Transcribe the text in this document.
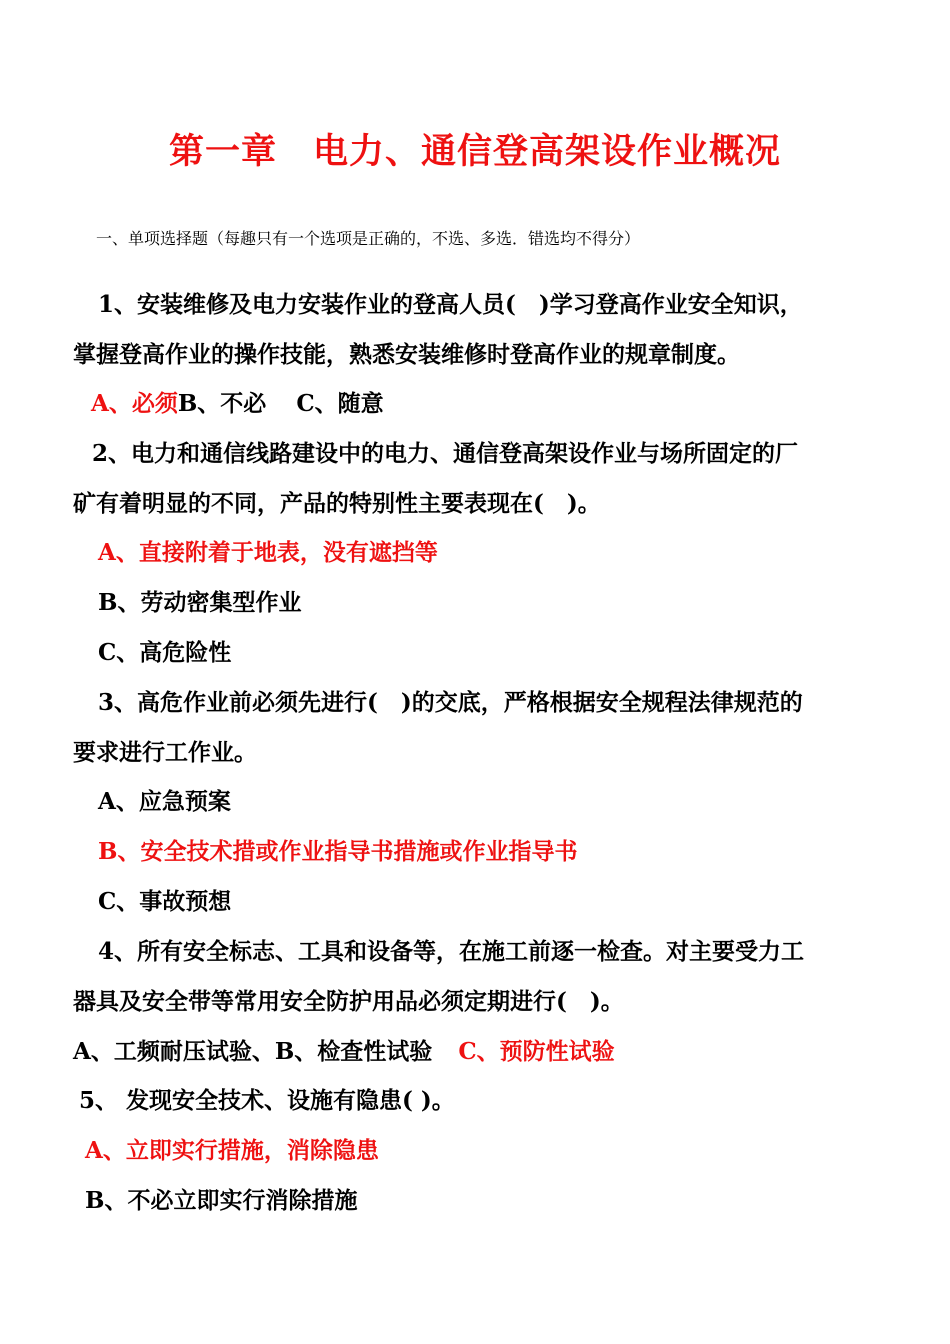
第一章　电力、通信登高架设作业概况
一、单项选择题（每趣只有一个选项是正确的，不选、多选．错选均不得分）
1、安装维修及电力安装作业的登高人员(　)学习登高作业安全知识，
掌握登高作业的操作技能，熟悉安装维修时登高作业的规章制度。
A、必须B、不必 C、随意
2、电力和通信线路建设中的电力、通信登高架设作业与场所固定的厂
矿有着明显的不同，产品的特别性主要表现在(　)。
A、直接附着于地表，没有遮挡等
B、劳动密集型作业
C、高危险性
3、高危作业前必须先进行(　)的交底，严格根据安全规程法律规范的
要求进行工作业。
A、应急预案
B、安全技术措或作业指导书措施或作业指导书
C、事故预想
4、所有安全标志、工具和设备等，在施工前逐一检查。对主要受力工
器具及安全带等常用安全防护用品必须定期进行(　)。
A、工频耐压试验、B、检查性试验 C、预防性试验
5、 发现安全技术、设施有隐患( )。
A、立即实行措施，消除隐患
B、不必立即实行消除措施
